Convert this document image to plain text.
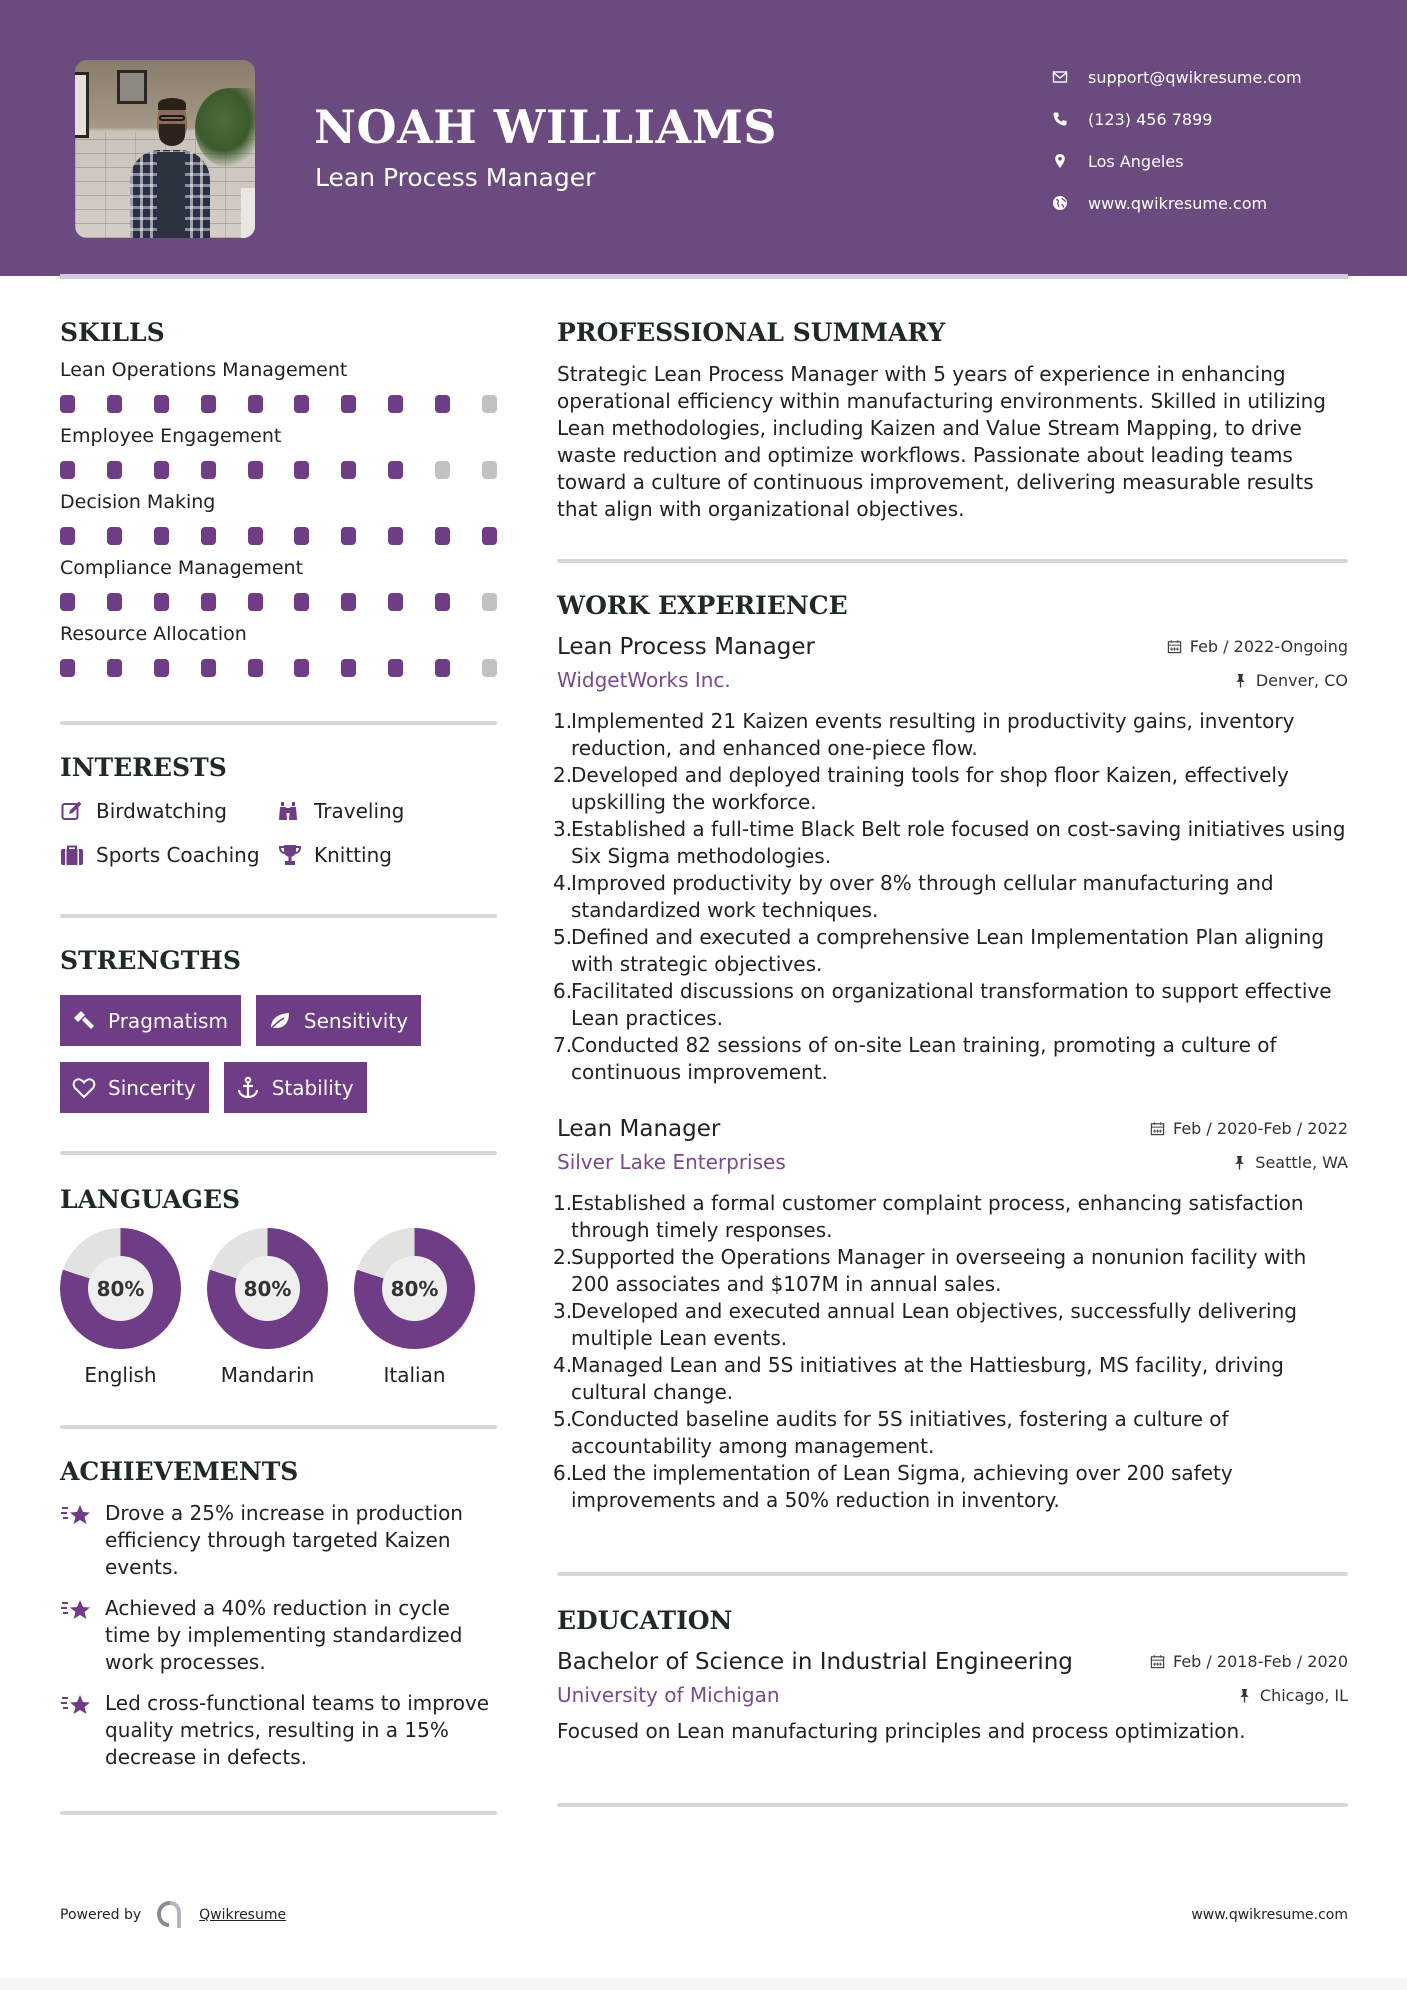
NOAH WILLIAMS
Lean Process Manager
support@qwikresume.com
(123) 456 7899
Los Angeles
www.qwikresume.com
SKILLS
Lean Operations Management
Employee Engagement
Decision Making
Compliance Management
Resource Allocation
INTERESTS
Birdwatching	Traveling
Sports Coaching	Knitting
STRENGTHS
Pragmatism	Sensitivity
Sincerity	Stability
LANGUAGES
80%
English
80%
Mandarin
80%
Italian
ACHIEVEMENTS
Drove a 25% increase in production efficiency through targeted Kaizen events.
Achieved a 40% reduction in cycle time by implementing standardized work processes.
Led cross-functional teams to improve quality metrics, resulting in a 15% decrease in defects.
PROFESSIONAL SUMMARY

Strategic Lean Process Manager with 5 years of experience in enhancing operational efficiency within manufacturing environments. Skilled in utilizing Lean methodologies, including Kaizen and Value Stream Mapping, to drive waste reduction and optimize workflows. Passionate about leading teams toward a culture of continuous improvement, delivering measurable results that align with organizational objectives.

WORK EXPERIENCE
Lean Process Manager	Feb / 2022-Ongoing
WidgetWorks Inc.	Denver, CO
1.
Implemented 21 Kaizen events resulting in productivity gains, inventory reduction, and enhanced one-piece flow.
2.
Developed and deployed training tools for shop floor Kaizen, effectively upskilling the workforce.
3.
Established a full-time Black Belt role focused on cost-saving initiatives using Six Sigma methodologies.
4.
Improved productivity by over 8% through cellular manufacturing and standardized work techniques.
5.
Defined and executed a comprehensive Lean Implementation Plan aligning with strategic objectives.
6.
Facilitated discussions on organizational transformation to support effective Lean practices.
7.
Conducted 82 sessions of on-site Lean training, promoting a culture of continuous improvement.
Lean Manager	Feb / 2020-Feb / 2022
Silver Lake Enterprises	Seattle, WA
1.
Established a formal customer complaint process, enhancing satisfaction through timely responses.
2.
Supported the Operations Manager in overseeing a nonunion facility with 200 associates and $107M in annual sales.
3.
Developed and executed annual Lean objectives, successfully delivering multiple Lean events.
4.
Managed Lean and 5S initiatives at the Hattiesburg, MS facility, driving cultural change.
5.
Conducted baseline audits for 5S initiatives, fostering a culture of accountability among management.
6.
Led the implementation of Lean Sigma, achieving over 200 safety improvements and a 50% reduction in inventory.
EDUCATION
Bachelor of Science in Industrial Engineering	Feb / 2018-Feb / 2020
University of Michigan	Chicago, IL

Focused on Lean manufacturing principles and process optimization.

Powered by	Qwikresume	www.qwikresume.com
